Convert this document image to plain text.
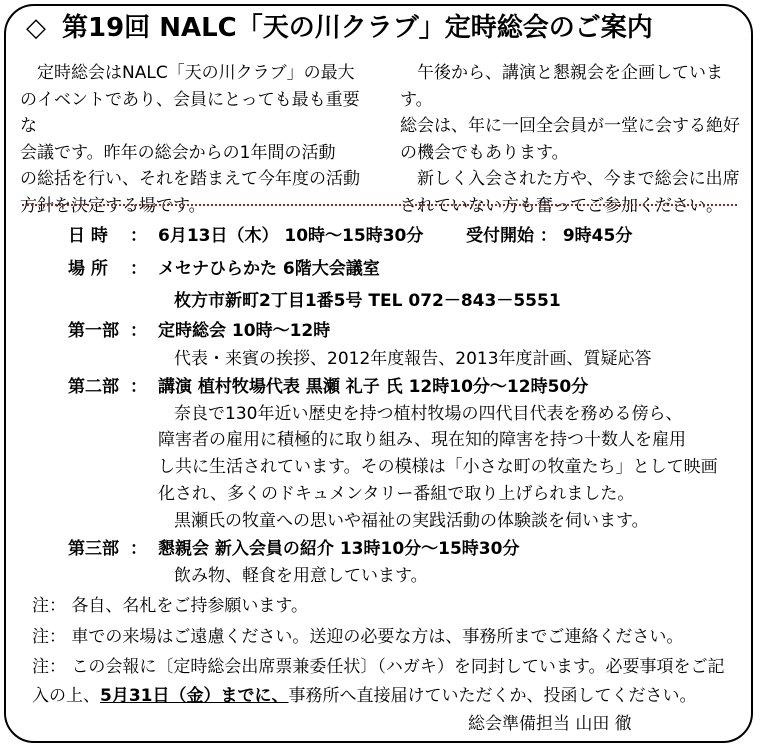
◇ 第19回 NALC「天の川クラブ」定時総会のご案内

定時総会はNALC「天の川クラブ」の最大

のイベントであり、会員にとっても最も重要な

会議です。昨年の総会からの1年間の活動

の総括を行い、それを踏まえて今年度の活動

方針を決定する場です。

午後から、講演と懇親会を企画しています。

総会は、年に一回全会員が一堂に会する絶好

の機会でもあります。

新しく入会された方や、今まで総会に出席

されていない方も奮ってご参加ください。

日 時 ： 6月13日（木） 10時～15時30分	受付開始 ： 9時45分
場 所 ： メセナひらかた 6階大会議室
枚方市新町2丁目1番5号 TEL 072－843－5551
第一部 ： 定時総会 10時～12時
代表・来賓の挨拶、2012年度報告、2013年度計画、質疑応答
第二部 ： 講演 植村牧場代表 黒瀬 礼子 氏 12時10分～12時50分
奈良で130年近い歴史を持つ植村牧場の四代目代表を務める傍ら、
障害者の雇用に積極的に取り組み、現在知的障害を持つ十数人を雇用
し共に生活されています。その模様は「小さな町の牧童たち」として映画
化され、多くのドキュメンタリー番組で取り上げられました。
黒瀬氏の牧童への思いや福祉の実践活動の体験談を伺います。
第三部 ： 懇親会 新入会員の紹介 13時10分～15時30分
飲み物、軽食を用意しています。
注： 各自、名札をご持参願います。
注： 車での来場はご遠慮ください。送迎の必要な方は、事務所までご連絡ください。
注： この会報に〔定時総会出席票兼委任状〕（ハガキ）を同封しています。必要事項をご記
入の上、5月31日（金）までに、事務所へ直接届けていただくか、投函してください。
総会準備担当 山田 徹
